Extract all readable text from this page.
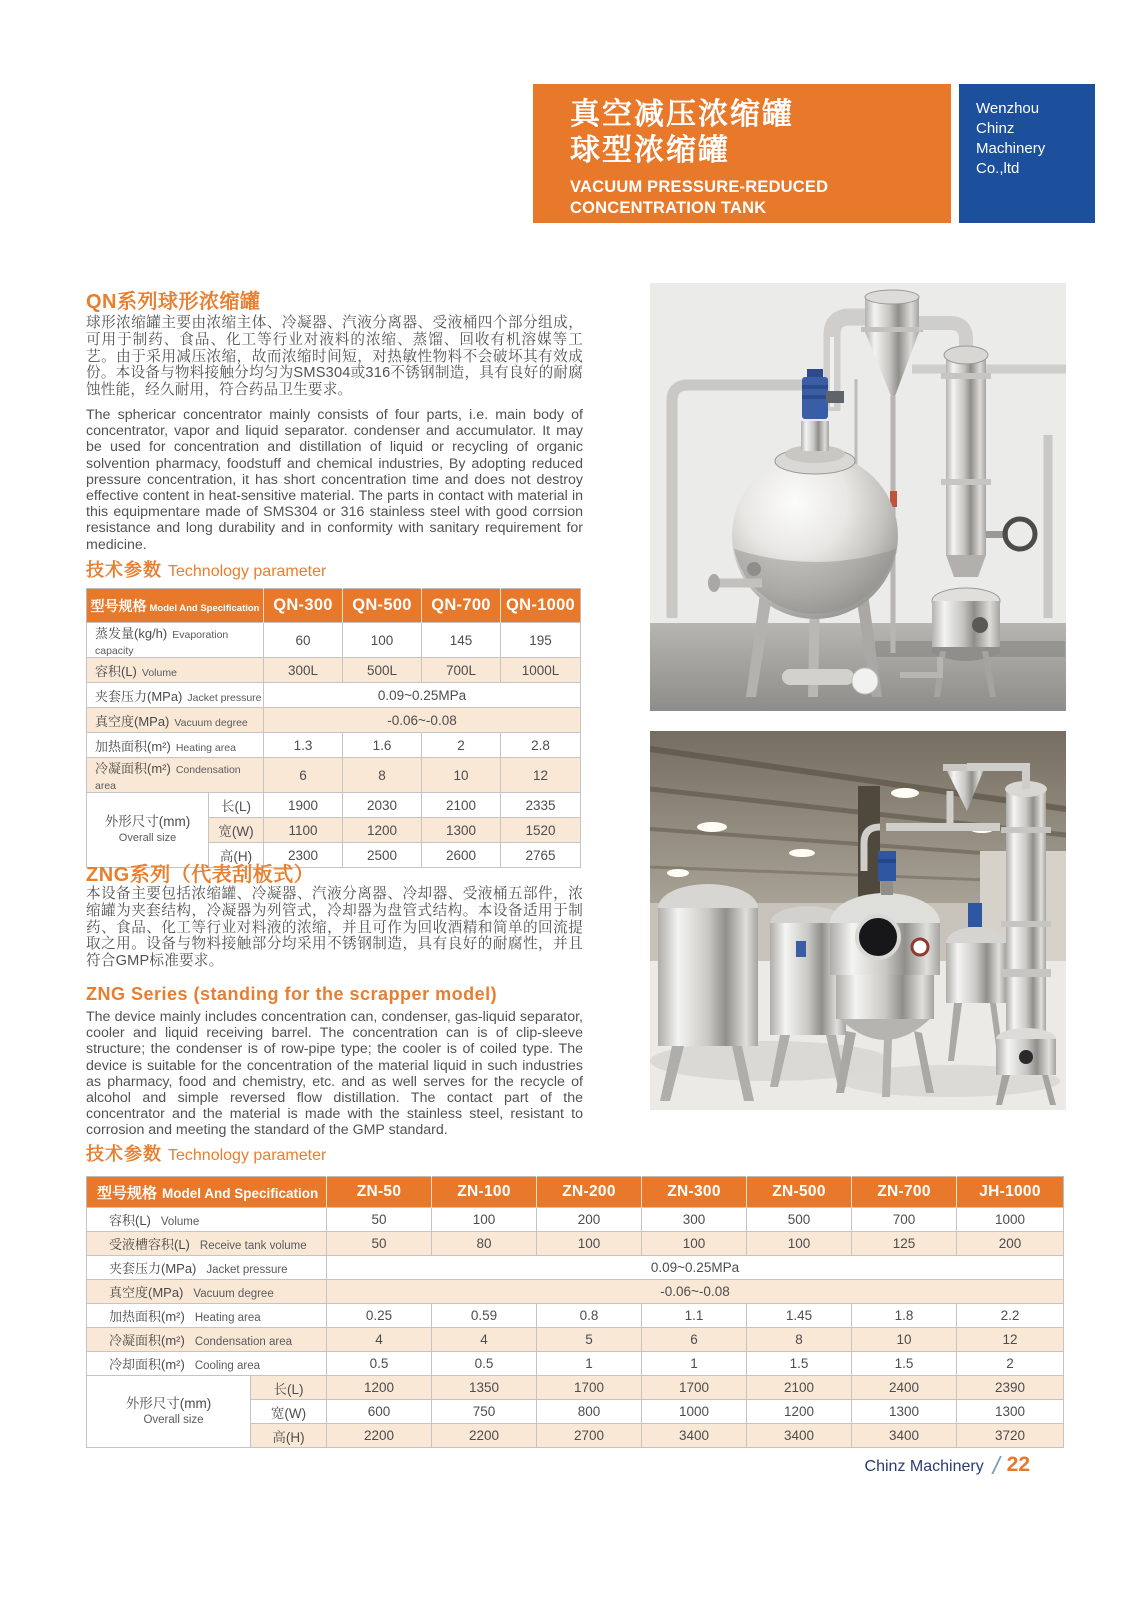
真空减压浓缩罐
球型浓缩罐
VACUUM PRESSURE-REDUCED
CONCENTRATION TANK
Wenzhou
Chinz
Machinery
Co.,ltd
QN系列球形浓缩罐
球形浓缩罐主要由浓缩主体、冷凝器、汽液分离器、受液桶四个部分组成，可用于制药、食品、化工等行业对液料的浓缩、蒸馏、回收有机溶媒等工艺。由于采用减压浓缩，故而浓缩时间短，对热敏性物料不会破坏其有效成份。本设备与物料接触分均匀为SMS304或316不锈钢制造，具有良好的耐腐蚀性能，经久耐用，符合药品卫生要求。
The sphericar concentrator mainly consists of four parts, i.e. main body of concentrator, vapor and liquid separator. condenser and accumulator. It may be used for concentration and distillation of liquid or recycling of organic solvention pharmacy, foodstuff and chemical industries, By adopting reduced pressure concentration, it has short concentration time and does not destroy effective content in heat-sensitive material. The parts in contact with material in this equipmentare made of SMS304 or 316 stainless steel with good corrsion resistance and long durability and in conformity with sanitary requirement for medicine.
技术参数 Technology parameter
型号规格 Model And Specification		QN-300	QN-500	QN-700	QN-1000
蒸发量(kg/h) Evaporation capacity		60	100	145	195
容积(L) Volume		300L	500L	700L	1000L
夹套压力(MPa) Jacket pressure		0.09~0.25MPa			
真空度(MPa) Vacuum degree		-0.06~-0.08			
加热面积(m²) Heating area		1.3	1.6	2	2.8
冷凝面积(m²) Condensation area		6	8	10	12
外形尺寸(mm)
Overall size	长(L)	1900	2030	2100	2335
	宽(W)	1100	1200	1300	1520
	高(H)	2300	2500	2600	2765
ZNG系列（代表刮板式）
本设备主要包括浓缩罐、冷凝器、汽液分离器、冷却器、受液桶五部件，浓缩罐为夹套结构，冷凝器为列管式，冷却器为盘管式结构。本设备适用于制药、食品、化工等行业对料液的浓缩，并且可作为回收酒精和简单的回流提取之用。设备与物料接触部分均采用不锈钢制造，具有良好的耐腐性，并且符合GMP标准要求。
ZNG Series (standing for the scrapper model)
The device mainly includes concentration can, condenser, gas-liquid separator, cooler and liquid receiving barrel. The concentration can is of clip-sleeve structure; the condenser is of row-pipe type; the cooler is of coiled type. The device is suitable for the concentration of the material liquid in such industries as pharmacy, food and chemistry, etc. and as well serves for the recycle of alcohol and simple reversed flow distillation. The contact part of the concentrator and the material is made with the stainless steel, resistant to corrosion and meeting the standard of the GMP standard.
技术参数 Technology parameter
型号规格 Model And Specification		ZN-50	ZN-100	ZN-200	ZN-300	ZN-500	ZN-700	JH-1000
容积(L) Volume		50	100	200	300	500	700	1000
受液槽容积(L) Receive tank volume		50	80	100	100	100	125	200
夹套压力(MPa) Jacket pressure		0.09~0.25MPa						
真空度(MPa) Vacuum degree		-0.06~-0.08						
加热面积(m²) Heating area		0.25	0.59	0.8	1.1	1.45	1.8	2.2
冷凝面积(m²) Condensation area		4	4	5	6	8	10	12
冷却面积(m²) Cooling area		0.5	0.5	1	1	1.5	1.5	2
外形尺寸(mm)
Overall size	长(L)	1200	1350	1700	1700	2100	2400	2390
	宽(W)	600	750	800	1000	1200	1300	1300
	高(H)	2200	2200	2700	3400	3400	3400	3720
Chinz Machinery / 22
